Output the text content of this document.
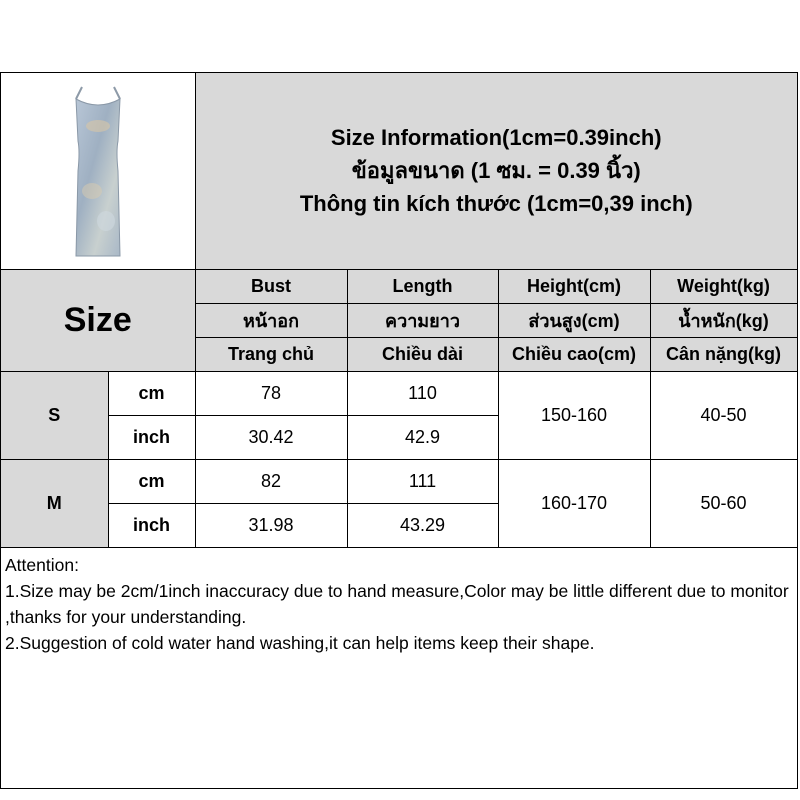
Size Information(1cm=0.39inch)
ข้อมูลขนาด (1 ซม. = 0.39 นิ้ว)
Thông tin kích thước (1cm=0,39 inch)			

Size		Bust	Length	Height(cm)	Weight(kg)
		หน้าอก	ความยาว	ส่วนสูง(cm)	น้ำหนัก(kg)
		Trang chủ	Chiều dài	Chiều cao(cm)	Cân nặng(kg)
S	cm	78	110	150-160	40-50
	inch	30.42	42.9		
M	cm	82	111	160-170	50-60
	inch	31.98	43.29		
Attention:
1.Size may be 2cm/1inch inaccuracy due to hand measure,Color may be little different due to monitor ,thanks for your understanding.
2.Suggestion of cold water hand washing,it can help items keep their shape.
